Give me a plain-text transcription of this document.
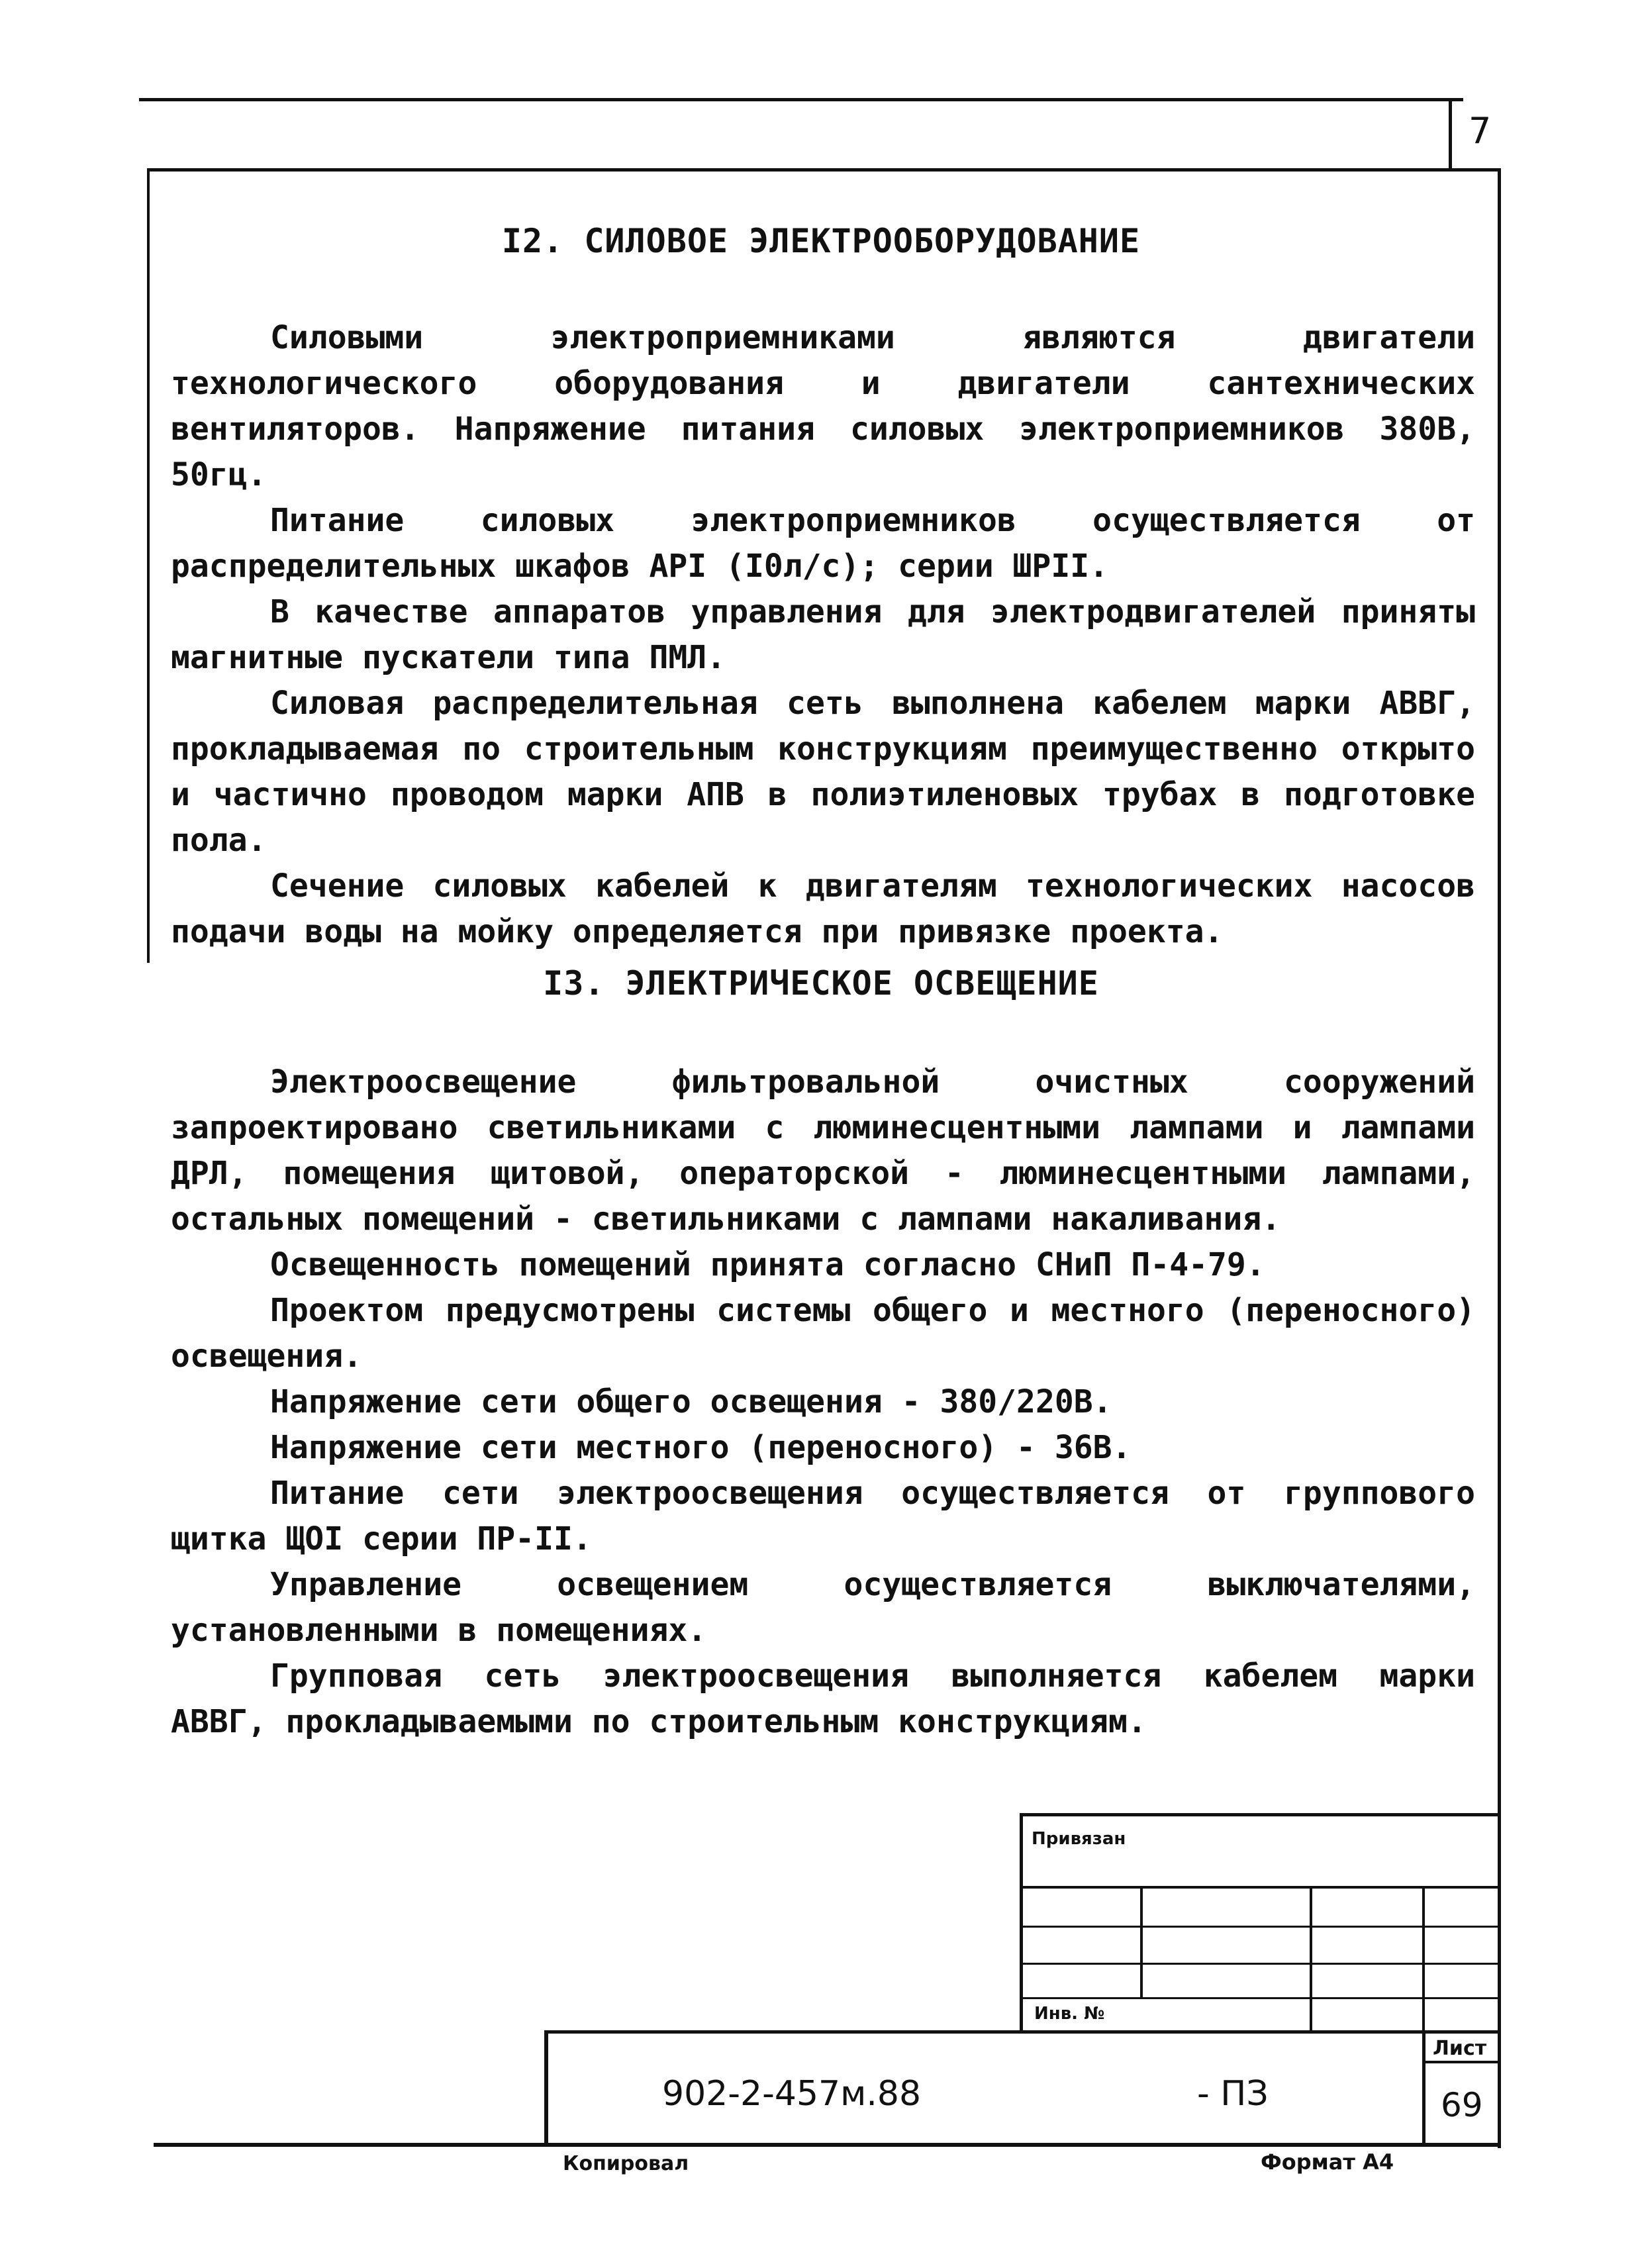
7
I2. СИЛОВОЕ ЭЛЕКТРООБОРУДОВАНИЕ

Силовыми электроприемниками являются двигатели технологического оборудования и двигатели сантехнических вентиляторов. Напряжение питания силовых электроприемников 380В, 50гц.

Питание силовых электроприемников осуществляется от распределительных шкафов АРI (I0л/с); серии ШРII.

В качестве аппаратов управления для электродвигателей приняты магнитные пускатели типа ПМЛ.

Силовая распределительная сеть выполнена кабелем марки АВВГ, прокладываемая по строительным конструкциям преимущественно открыто и частично проводом марки АПВ в полиэтиленовых трубах в подготовке пола.

Сечение силовых кабелей к двигателям технологических насосов подачи воды на мойку определяется при привязке проекта.

I3. ЭЛЕКТРИЧЕСКОЕ ОСВЕЩЕНИЕ

Электроосвещение фильтровальной очистных сооружений запроектировано светильниками с люминесцентными лампами и лампами ДРЛ, помещения щитовой, операторской - люминесцентными лампами, остальных помещений - светильниками с лампами накаливания.

Освещенность помещений принята согласно СНиП П-4-79.

Проектом предусмотрены системы общего и местного (переносного) освещения.

Напряжение сети общего освещения - 380/220В.

Напряжение сети местного (переносного) - 36В.

Питание сети электроосвещения осуществляется от группового щитка ЩОI серии ПР-II.

Управление освещением осуществляется выключателями, установленными в помещениях.

Групповая сеть электроосвещения выполняется кабелем марки АВВГ, прокладываемыми по строительным конструкциям.

Привязан
Инв. №
902-2-457м.88	- ПЗ
Лист
69
Копировал	Формат А4
